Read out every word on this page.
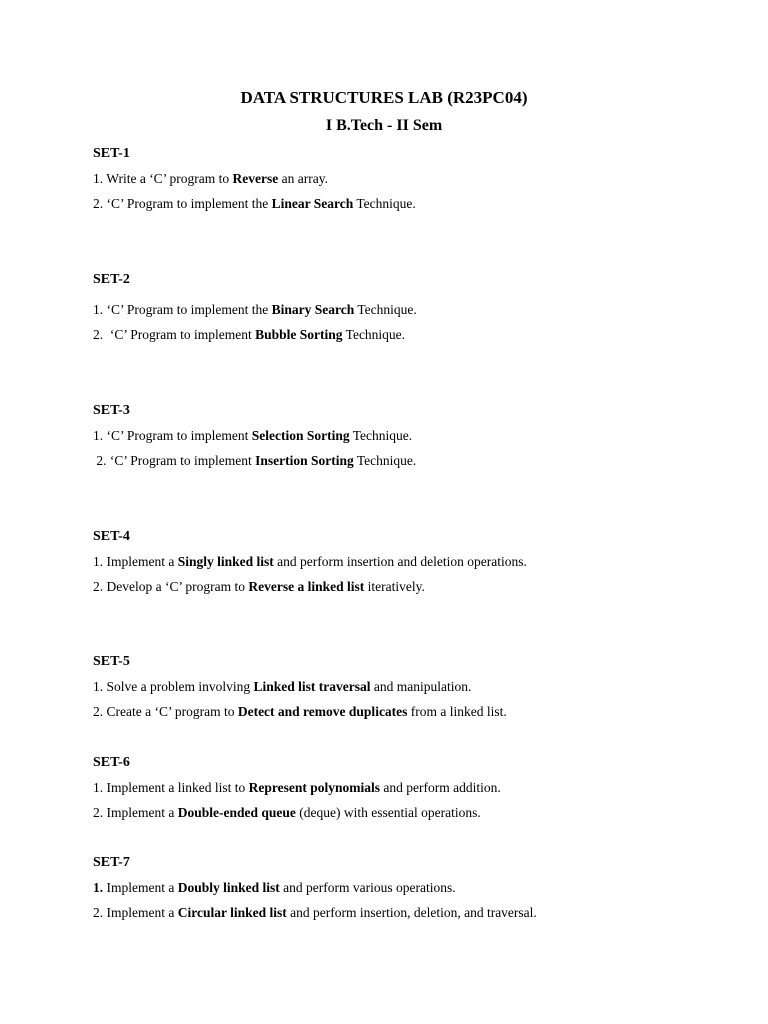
DATA STRUCTURES LAB (R23PC04)
I B.Tech - II Sem
SET-1
1. Write a ‘C’ program to Reverse an array.
2. ‘C’ Program to implement the Linear Search Technique.
SET-2
1. ‘C’ Program to implement the Binary Search Technique.
2.  ‘C’ Program to implement Bubble Sorting Technique.
SET-3
1. ‘C’ Program to implement Selection Sorting Technique.
2. ‘C’ Program to implement Insertion Sorting Technique.
SET-4
1. Implement a Singly linked list and perform insertion and deletion operations.
2. Develop a ‘C’ program to Reverse a linked list iteratively.
SET-5
1. Solve a problem involving Linked list traversal and manipulation.
2. Create a ‘C’ program to Detect and remove duplicates from a linked list.
SET-6
1. Implement a linked list to Represent polynomials and perform addition.
2. Implement a Double-ended queue (deque) with essential operations.
SET-7
1. Implement a Doubly linked list and perform various operations.
2. Implement a Circular linked list and perform insertion, deletion, and traversal.
